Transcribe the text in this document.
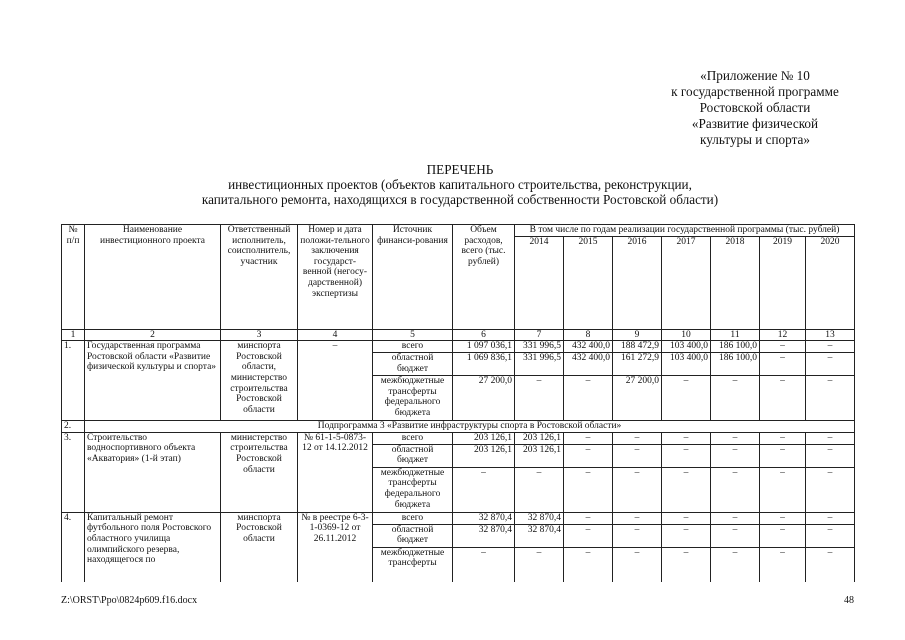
«Приложение № 10
к государственной программе
Ростовской области
«Развитие физической
культуры и спорта»
ПЕРЕЧЕНЬ
инвестиционных проектов (объектов капитального строительства, реконструкции,
капитального ремонта, находящихся в государственной собственности Ростовской области)
№ п/п	Наименование инвестиционного проекта	Ответственный исполнитель, соисполнитель, участник	Номер и дата положи-тельного заключения государст-венной (негосу-дарственной) экспертизы	Источник финанси-рования	Объем расходов, всего (тыс. рублей)	В том числе по годам реализации государственной программы (тыс. рублей)						
						2014	2015	2016	2017	2018	2019	2020
1	2	3	4	5	6	7	8	9	10	11	12	13
1.	Государственная программа Ростовской области «Развитие физической культуры и спорта»	минспорта Ростовской области, министерство строительства Ростовской области	–	всего	1 097 036,1	331 996,5	432 400,0	188 472,9	103 400,0	186 100,0	–	–
				областной бюджет	1 069 836,1	331 996,5	432 400,0	161 272,9	103 400,0	186 100,0	–	–
				межбюджетные трансферты федерального бюджета	27 200,0	–	–	27 200,0	–	–	–	–
2.	Подпрограмма 3 «Развитие инфраструктуры спорта в Ростовской области»											
3.	Строительство водноспортивного объекта «Акватория» (1-й этап)	министерство строительства Ростовской области	№ 61-1-5-0873-12 от 14.12.2012	всего	203 126,1	203 126,1	–	–	–	–	–	–
				областной бюджет	203 126,1	203 126,1	–	–	–	–	–	–
				межбюджетные трансферты федерального бюджета	–	–	–	–	–	–	–	–
4.	Капитальный ремонт футбольного поля Ростовского областного училища олимпийского резерва, находящегося по	минспорта Ростовской области	№ в реестре 6-3-1-0369-12 от 26.11.2012	всего	32 870,4	32 870,4	–	–	–	–	–	–
				областной бюджет	32 870,4	32 870,4	–	–	–	–	–	–
				межбюджетные трансферты	–	–	–	–	–	–	–	–
Z:\ORST\Ppo\0824p609.f16.docx	48
